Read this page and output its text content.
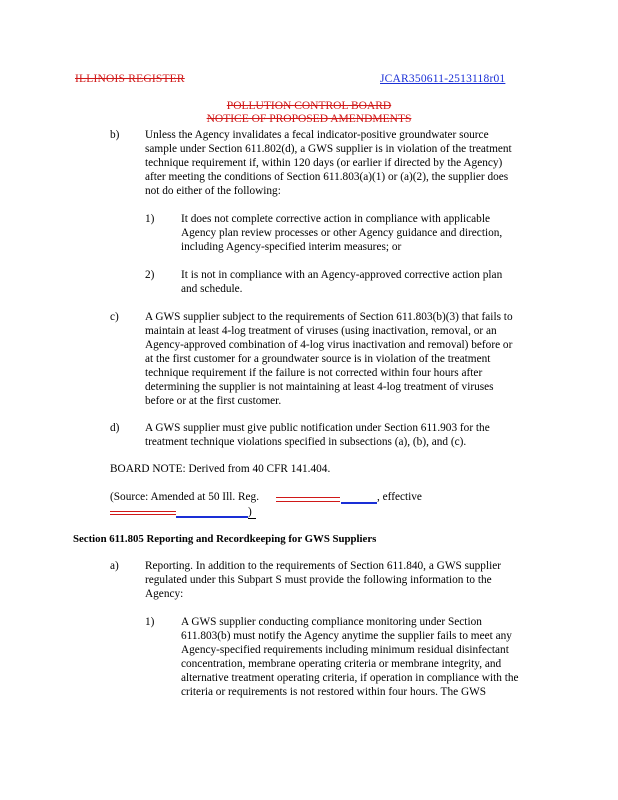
ILLINOIS REGISTER	JCAR350611-2513118r01
POLLUTION CONTROL BOARD
NOTICE OF PROPOSED AMENDMENTS
b) Unless the Agency invalidates a fecal indicator-positive groundwater source
sample under Section 611.802(d), a GWS supplier is in violation of the treatment
technique requirement if, within 120 days (or earlier if directed by the Agency)
after meeting the conditions of Section 611.803(a)(1) or (a)(2), the supplier does
not do either of the following:
1) It does not complete corrective action in compliance with applicable
Agency plan review processes or other Agency guidance and direction,
including Agency-specified interim measures; or
2) It is not in compliance with an Agency-approved corrective action plan
and schedule.
c) A GWS supplier subject to the requirements of Section 611.803(b)(3) that fails to
maintain at least 4-log treatment of viruses (using inactivation, removal, or an
Agency-approved combination of 4-log virus inactivation and removal) before or
at the first customer for a groundwater source is in violation of the treatment
technique requirement if the failure is not corrected within four hours after
determining the supplier is not maintaining at least 4-log treatment of viruses
before or at the first customer.
d) A GWS supplier must give public notification under Section 611.903 for the
treatment technique violations specified in subsections (a), (b), and (c).
BOARD NOTE: Derived from 40 CFR 141.404.
(Source: Amended at 50 Ill. Reg.	, effective
)
Section 611.805 Reporting and Recordkeeping for GWS Suppliers
a) Reporting. In addition to the requirements of Section 611.840, a GWS supplier
regulated under this Subpart S must provide the following information to the
Agency:
1) A GWS supplier conducting compliance monitoring under Section
611.803(b) must notify the Agency anytime the supplier fails to meet any
Agency-specified requirements including minimum residual disinfectant
concentration, membrane operating criteria or membrane integrity, and
alternative treatment operating criteria, if operation in compliance with the
criteria or requirements is not restored within four hours. The GWS
